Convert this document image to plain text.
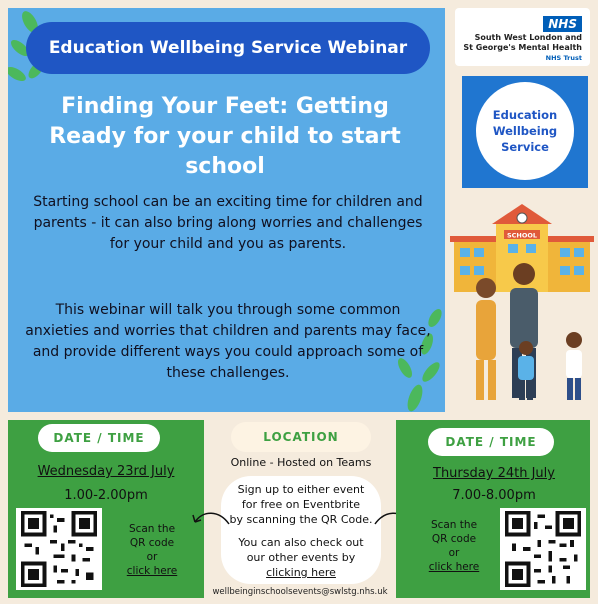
Education Wellbeing Service Webinar
Finding Your Feet: Getting Ready for your child to start school
Starting school can be an exciting time for children and parents - it can also bring along worries and challenges for your child and you as parents.
This webinar will talk you through some common anxieties and worries that children and parents may face, and provide different ways you could approach some of these challenges.
NHS
South West London and
St George's Mental Health
NHS Trust
Education
Wellbeing
Service
SCHOOL
DATE / TIME
Wednesday 23rd July
1.00-2.00pm
Scan the
QR code
or
click here
LOCATION
Online - Hosted on Teams
Sign up to either event
for free on Eventbrite
by scanning the QR Code.
You can also check out
our other events by
clicking here
DATE / TIME
Thursday 24th July
7.00-8.00pm
Scan the
QR code
or
click here
wellbeinginschoolsevents@swlstg.nhs.uk
